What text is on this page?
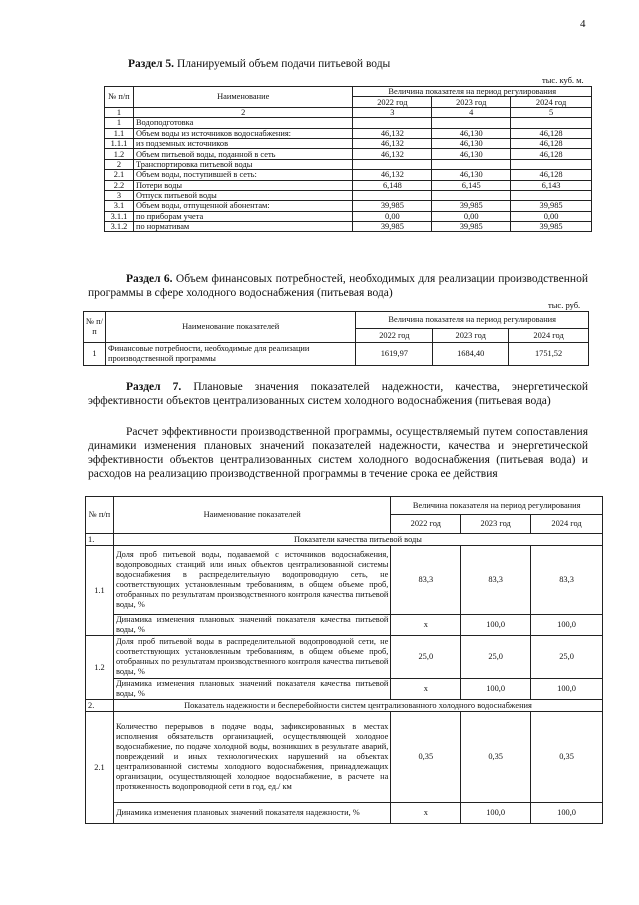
4
Раздел 5. Планируемый объем подачи питьевой воды
тыс. куб. м.
№ п/п	Наименование	Величина показателя на период регулирования		
		2022 год	2023 год	2024 год
1	2	3	4	5
1	Водоподготовка			
1.1	Объем воды из источников водоснабжения:	46,132	46,130	46,128
1.1.1	из подземных источников	46,132	46,130	46,128
1.2	Объем питьевой воды, поданной в сеть	46,132	46,130	46,128
2	Транспортировка питьевой воды			
2.1	Объем воды, поступившей в сеть:	46,132	46,130	46,128
2.2	Потери воды	6,148	6,145	6,143
3	Отпуск питьевой воды			
3.1	Объем воды, отпущенной абонентам:	39,985	39,985	39,985
3.1.1	по приборам учета	0,00	0,00	0,00
3.1.2	по нормативам	39,985	39,985	39,985
Раздел 6. Объем финансовых потребностей, необходимых для реализации производственной программы в сфере холодного водоснабжения (питьевая вода)
тыс. руб.
№ п/п	Наименование показателей	Величина показателя на период регулирования		
		2022 год	2023 год	2024 год
1	Финансовые потребности, необходимые для реализации производственной программы	1619,97	1684,40	1751,52
Раздел 7. Плановые значения показателей надежности, качества, энергетической эффективности объектов централизованных систем холодного водоснабжения (питьевая вода)
Расчет эффективности производственной программы, осуществляемый путем сопоставления динамики изменения плановых значений показателей надежности, качества и энергетической эффективности объектов централизованных систем холодного водоснабжения (питьевая вода) и расходов на реализацию производственной программы в течение срока ее действия
№ п/п	Наименование показателей	Величина показателя на период регулирования		
		2022 год	2023 год	2024 год
1.	Показатели качества питьевой воды			
1.1	Доля проб питьевой воды, подаваемой с источников водоснабжения, водопроводных станций или иных объектов централизованной системы водоснабжения в распределительную водопроводную сеть, не соответствующих установленным требованиям, в общем объеме проб, отобранных по результатам производственного контроля качества питьевой воды, %	83,3	83,3	83,3
	Динамика изменения плановых значений показателя качества питьевой воды, %	х	100,0	100,0
1.2	Доля проб питьевой воды в распределительной водопроводной сети, не соответствующих установленным требованиям, в общем объеме проб, отобранных по результатам производственного контроля качества питьевой воды, %	25,0	25,0	25,0
	Динамика изменения плановых значений показателя качества питьевой воды, %	х	100,0	100,0
2.	Показатель надежности и бесперебойности систем централизованного холодного водоснабжения			
2.1	Количество перерывов в подаче воды, зафиксированных в местах исполнения обязательств организацией, осуществляющей холодное водоснабжение, по подаче холодной воды, возникших в результате аварий, повреждений и иных технологических нарушений на объектах централизованной системы холодного водоснабжения, принадлежащих организации, осуществляющей холодное водоснабжение, в расчете на протяженность водопроводной сети в год, ед./ км	0,35	0,35	0,35
	Динамика изменения плановых значений показателя надежности, %	х	100,0	100,0
